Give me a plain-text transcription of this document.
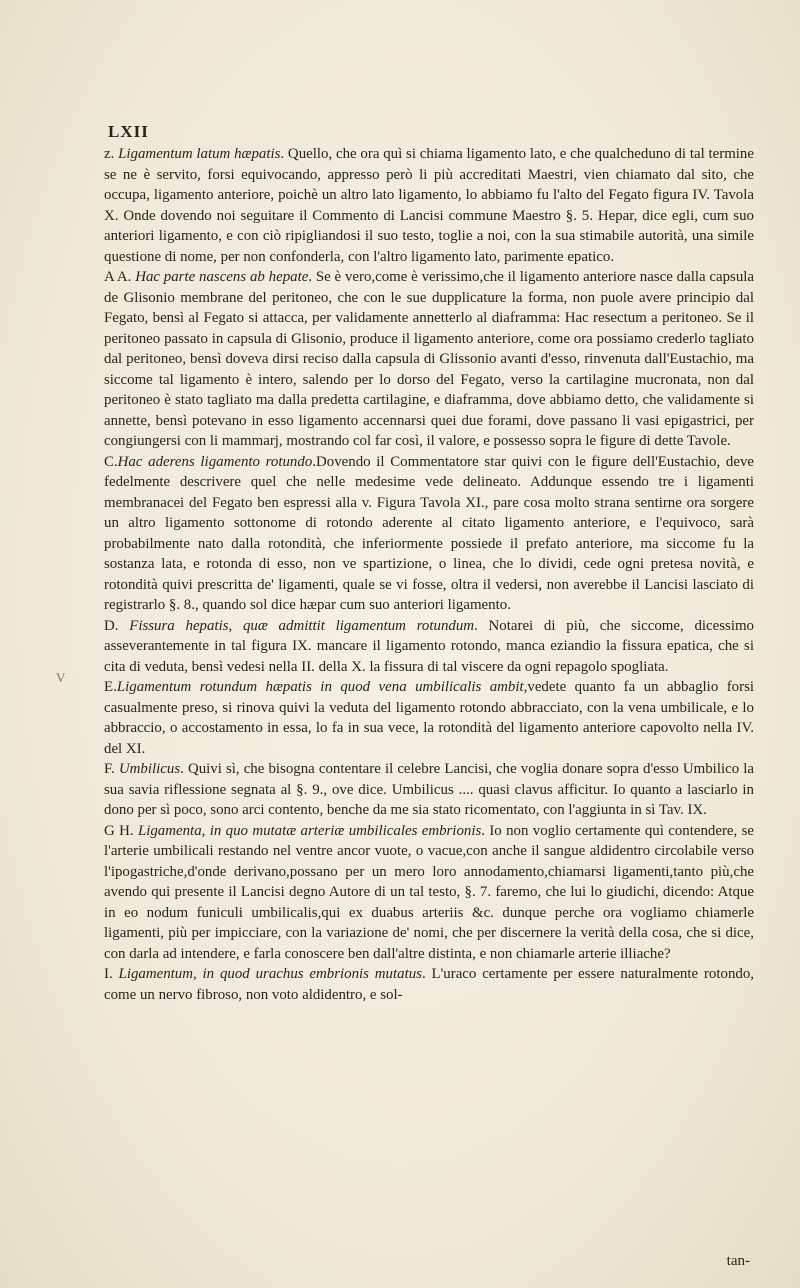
LXII
V

z. Ligamentum latum hæpatis. Quello, che ora quì si chiama ligamento lato, e che qualcheduno di tal termine se ne è servito, forsi equivocando, appresso però li più accreditati Maestri, vien chiamato dal sito, che occupa, ligamento anteriore, poichè un altro lato ligamento, lo abbiamo fu l'alto del Fegato figura IV. Tavola X. Onde dovendo noi seguitare il Commento di Lancisi commune Maestro §. 5. Hepar, dice egli, cum suo anteriori ligamento, e con ciò ripigliandosi il suo testo, toglie a noi, con la sua stimabile autorità, una simile questione di nome, per non confonderla, con l'altro ligamento lato, parimente epatico.

A A. Hac parte nascens ab hepate. Se è vero,come è verissimo,che il ligamento anteriore nasce dalla capsula de Glisonio membrane del peritoneo, che con le sue dupplicature la forma, non puole avere principio dal Fegato, bensì al Fegato si attacca, per validamente annetterlo al diaframma: Hac resectum a peritoneo. Se il peritoneo passato in capsula di Glisonio, produce il ligamento anteriore, come ora possiamo crederlo tagliato dal peritoneo, bensì doveva dirsi reciso dalla capsula di Glissonio avanti d'esso, rinvenuta dall'Eustachio, ma siccome tal ligamento è intero, salendo per lo dorso del Fegato, verso la cartilagine mucronata, non dal peritoneo è stato tagliato ma dalla predetta cartilagine, e diaframma, dove abbiamo detto, che validamente si annette, bensì potevano in esso ligamento accennarsi quei due forami, dove passano li vasi epigastrici, per congiungersi con li mammarj, mostrando col far così, il valore, e possesso sopra le figure di dette Tavole.

C.Hac aderens ligamento rotundo.Dovendo il Commentatore star quivi con le figure dell'Eustachio, deve fedelmente descrivere quel che nelle medesime vede delineato. Addunque essendo tre i ligamenti membranacei del Fegato ben espressi alla v. Figura Tavola XI., pare cosa molto strana sentirne ora sorgere un altro ligamento sottonome di rotondo aderente al citato ligamento anteriore, e l'equivoco, sarà probabilmente nato dalla rotondità, che inferiormente possiede il prefato anteriore, ma siccome fu la sostanza lata, e rotonda di esso, non ve spartizione, o linea, che lo dividi, cede ogni pretesa novità, e rotondità quivi prescritta de' ligamenti, quale se vi fosse, oltra il vedersi, non averebbe il Lancisi lasciato di registrarlo §. 8., quando sol dice hæpar cum suo anteriori ligamento.

D. Fissura hepatis, quæ admittit ligamentum rotundum. Notarei di più, che siccome, dicessimo asseverantemente in tal figura IX. mancare il ligamento rotondo, manca eziandio la fissura epatica, che si cita di veduta, bensì vedesi nella II. della X. la fissura di tal viscere da ogni repagolo spogliata.

E.Ligamentum rotundum hæpatis in quod vena umbilicalis ambit,vedete quanto fa un abbaglio forsi casualmente preso, si rinova quivi la veduta del ligamento rotondo abbracciato, con la vena umbilicale, e lo abbraccio, o accostamento in essa, lo fa in sua vece, la rotondità del ligamento anteriore capovolto nella IV. del XI.

F. Umbilicus. Quivi sì, che bisogna contentare il celebre Lancisi, che voglia donare sopra d'esso Umbilico la sua savia riflessione segnata al §. 9., ove dice. Umbilicus .... quasi clavus afficitur. Io quanto a lasciarlo in dono per sì poco, sono arci contento, benche da me sia stato ricomentato, con l'aggiunta in sì Tav. IX.

G H. Ligamenta, in quo mutatæ arteriæ umbilicales embrionis. Io non voglio certamente quì contendere, se l'arterie umbilicali restando nel ventre ancor vuote, o vacue,con anche il sangue aldidentro circolabile verso l'ipogastriche,d'onde derivano,possano per un mero loro annodamento,chiamarsi ligamenti,tanto più,che avendo qui presente il Lancisi degno Autore di un tal testo, §. 7. faremo, che lui lo giudichi, dicendo: Atque in eo nodum funiculi umbilicalis,qui ex duabus arteriis &c. dunque perche ora vogliamo chiamerle ligamenti, più per impicciare, con la variazione de' nomi, che per discernere la verità della cosa, che si dice, con darla ad intendere, e farla conoscere ben dall'altre distinta, e non chiamarle arterie illiache?

I. Ligamentum, in quod urachus embrionis mutatus. L'uraco certamente per essere naturalmente rotondo, come un nervo fibroso, non voto aldidentro, e sol-

tan-
